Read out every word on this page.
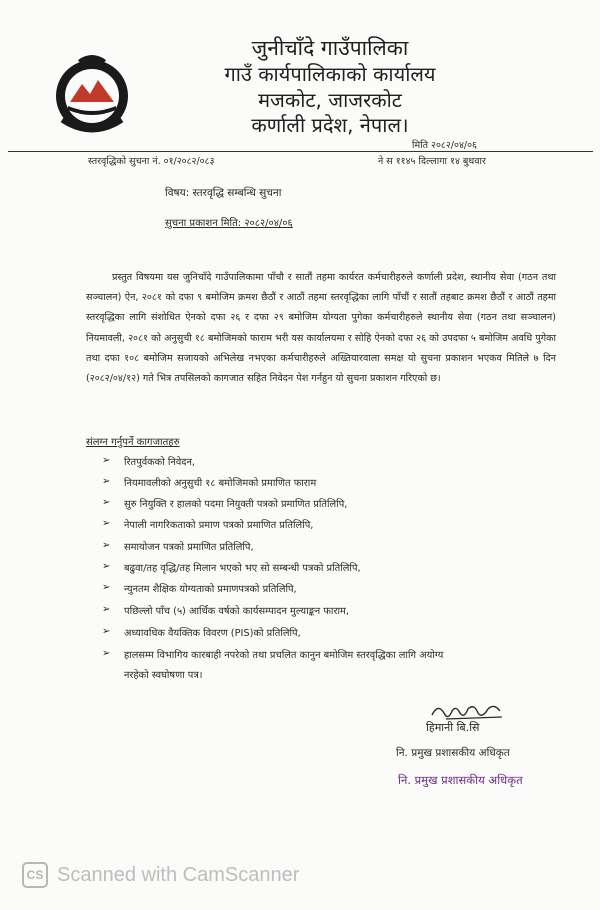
जुनीचाँदे गाउँपालिका
गाउँ कार्यपालिकाको कार्यालय
मजकोट, जाजरकोट
कर्णाली प्रदेश, नेपाल।
मिति २०८२/०४/०६
स्तरवृद्धिको सुचना नं. ०१/२०८२/०८३	ने स ११४५ दिल्लागा १४ बुधवार
विषय: स्तरवृद्धि सम्बन्धि सुचना
सुचना प्रकाशन मिति: २०८२/०४/०६
प्रस्तुत विषयमा यस जुनिचाँदे गाउँपालिकामा पाँचौ र सातौं तहमा कार्यरत कर्मचारीहरुले कर्णाली प्रदेश, स्थानीय सेवा (गठन तथा सञ्चालन) ऐन, २०८१ को दफा ९ बमोजिम क्रमश छैठौं र आठौं तहमा स्तरवृद्धिका लागि पाँचौं र सातौं तहबाट क्रमश छैठौं र आठौं तहमा स्तरवृद्धिका लागि संशोधित ऐनको दफा २६ र दफा २९ बमोजिम योग्यता पुगेका कर्मचारीहरुले स्थानीय सेवा (गठन तथा सञ्चालन) नियमावली, २०८१ को अनुसुची १८ बमोजिमको फाराम भरी यस कार्यालयमा र सोहि ऐनको दफा २६ को उपदफा ५ बमोजिम अवधि पुगेका तथा दफा १०८ बमोजिम सजायको अभिलेख नभएका कर्मचारीहरुले अख्तियारवाला समक्ष यो सुचना प्रकाशन भएकव मितिले ७ दिन (२०८२/०४/१२) गते भित्र तपसिलको कागजात सहित निवेदन पेश गर्नहुन यो सुचना प्रकाशन गरिएको छ।
संलग्न गर्नुपर्ने कागजातहरु
➢ रितपुर्वकको निवेदन,
➢ नियमावलीको अनुसुची १८ बमोजिमको प्रमाणित फाराम
➢ सुरु नियुक्ति र हालको पदमा नियुक्ती पत्रको प्रमाणित प्रतिलिपि,
➢ नेपाली नागरिकताको प्रमाण पत्रको प्रमाणित प्रतिलिपि,
➢ समायोजन पत्रको प्रमाणित प्रतिलिपि,
➢ बढुवा/तह वृद्धि/तह मिलान भएको भए सो सम्बन्धी पत्रको प्रतिलिपि,
➢ न्युनतम शैक्षिक योग्यताको प्रमाणपत्रको प्रतिलिपि,
➢ पछिल्लो पाँच (५) आर्थिक वर्षको कार्यसम्पादन मुल्याङ्कन फाराम,
➢ अध्यावधिक वैयक्तिक विवरण (PIS)को प्रतिलिपि,
➢ हालसम्म विभागिय कारबाही नपरेको तथा प्रचलित कानुन बमोजिम स्तरवृद्धिका लागि अयोग्य
नरहेको स्वघोषणा पत्र।
हिमानी बि.सि
नि. प्रमुख प्रशासकीय अधिकृत
नि. प्रमुख प्रशासकीय अधिकृत
CS Scanned with CamScanner
